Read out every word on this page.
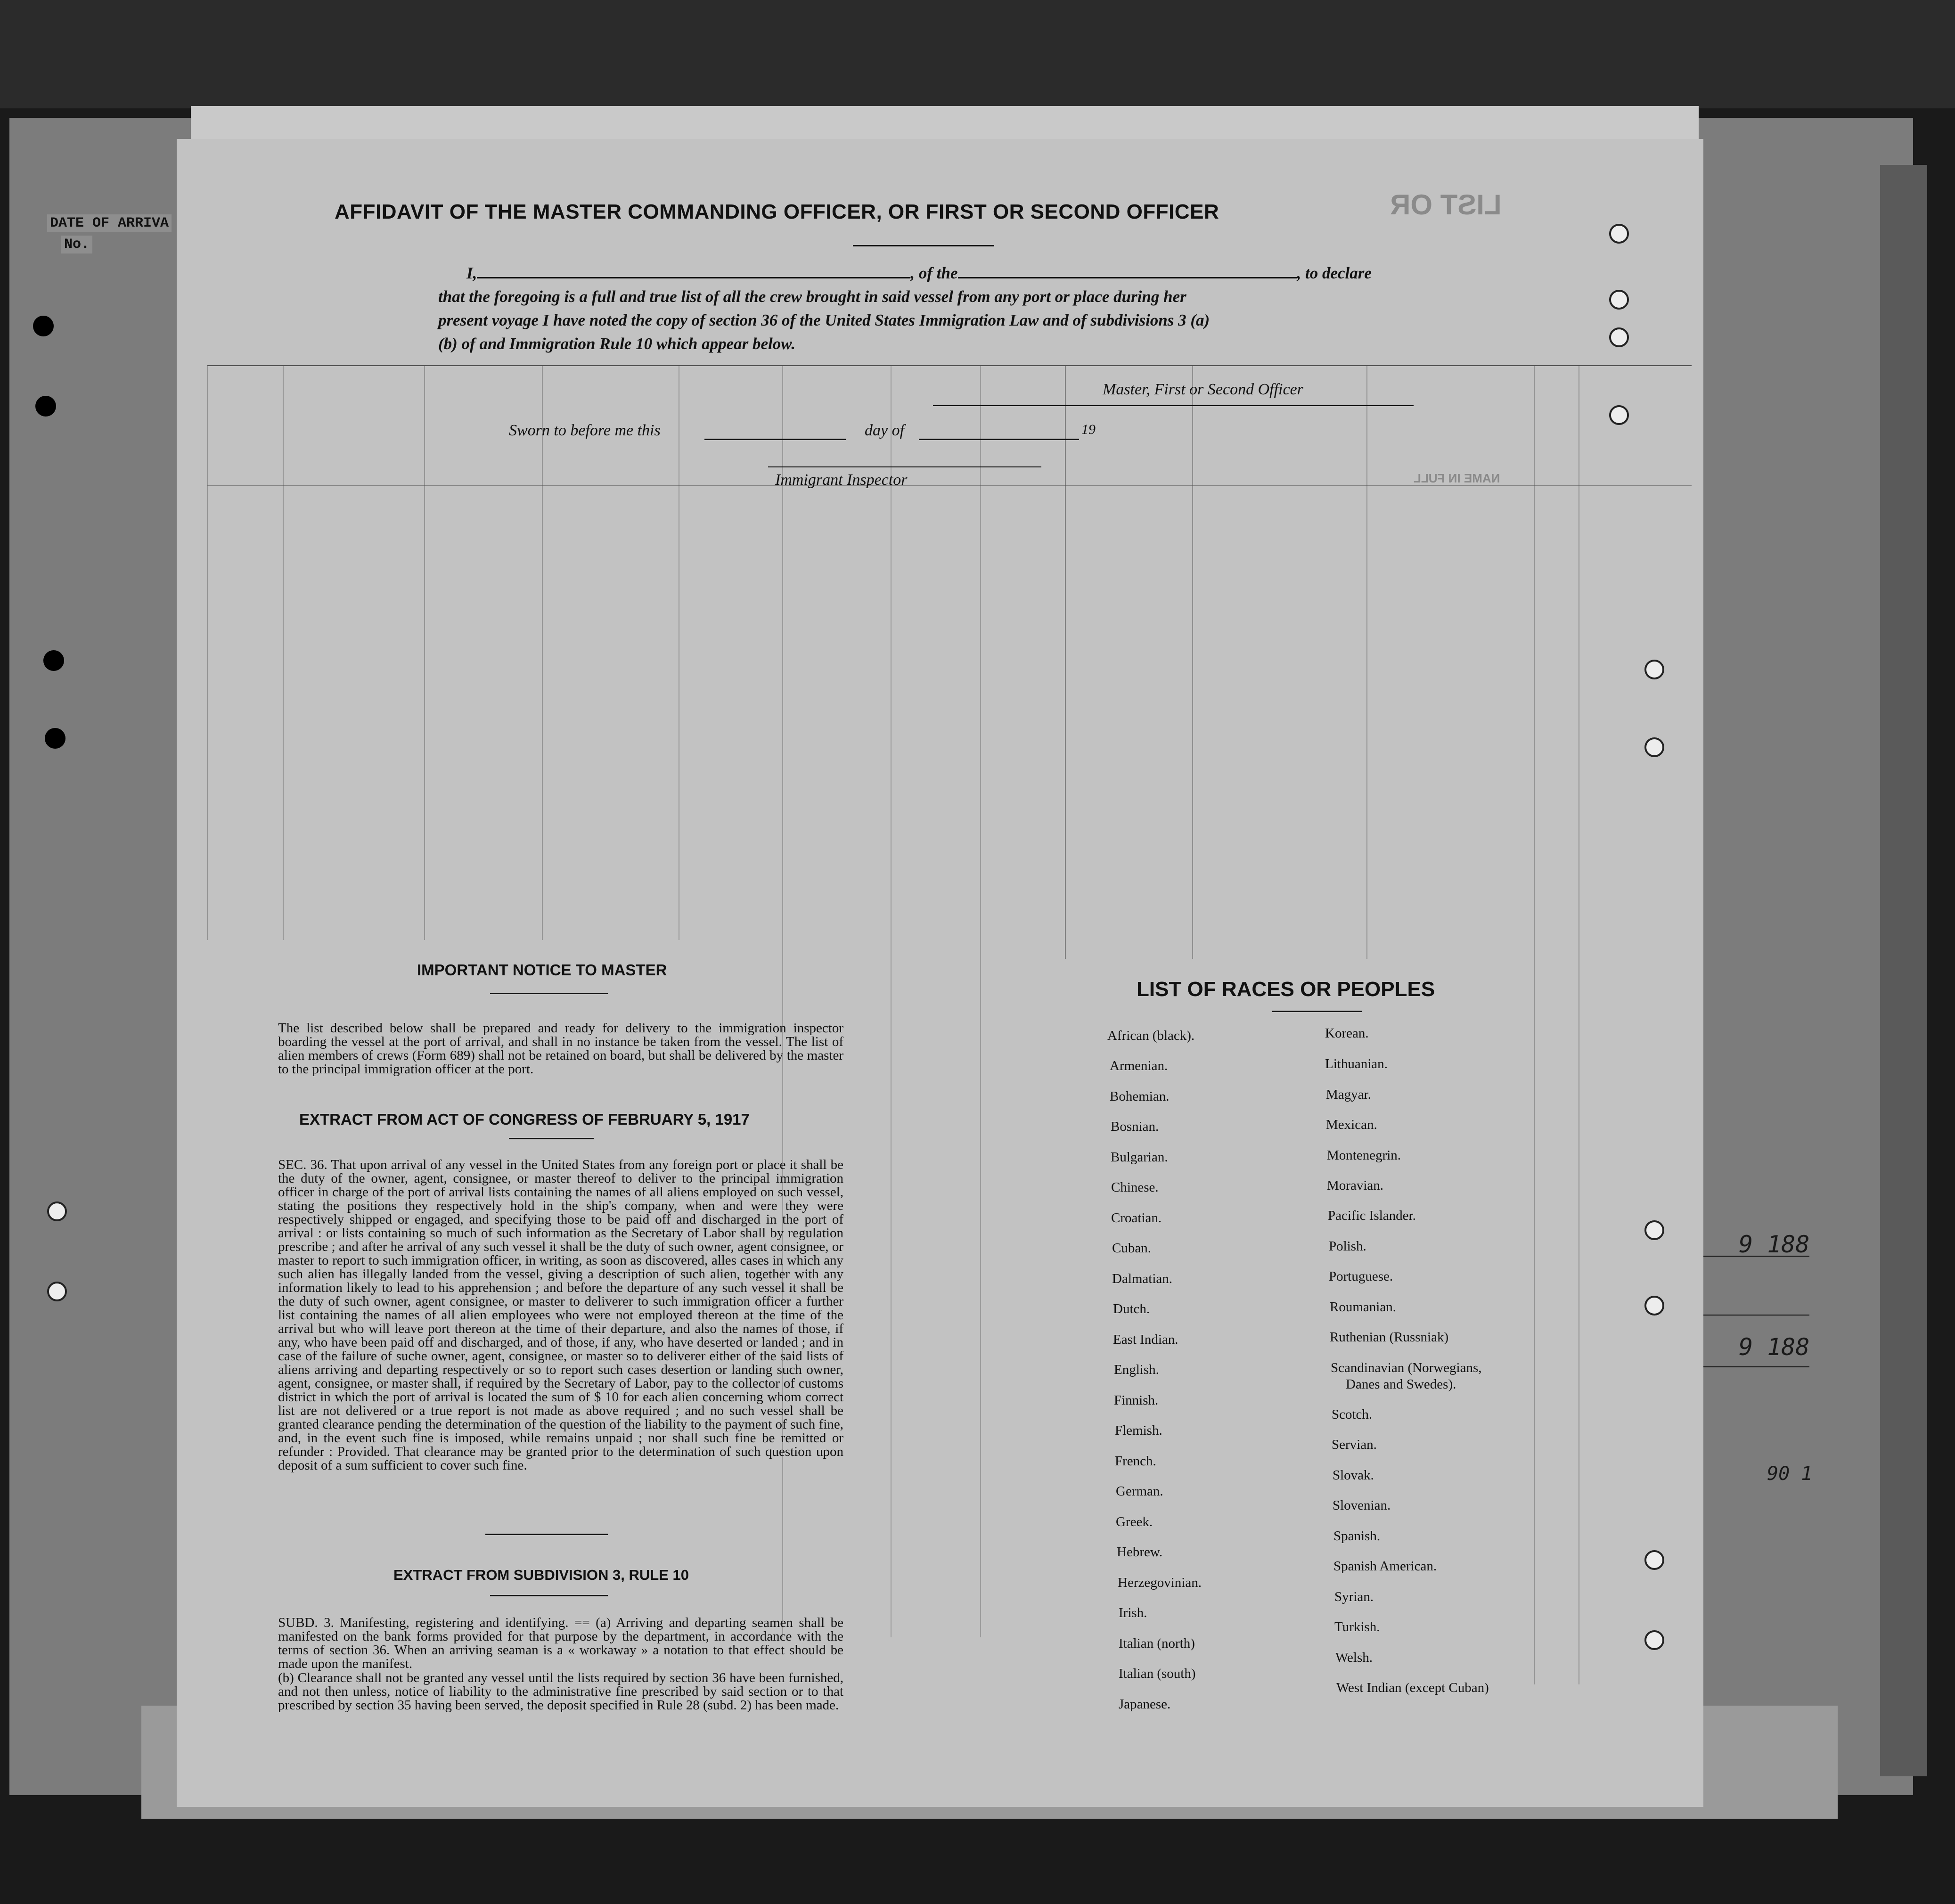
DATE OF ARRIVA
No.
LIST OR
NAME IN FULL
AFFIDAVIT OF THE MASTER COMMANDING OFFICER, OR FIRST OR SECOND OFFICER
I,	, of the	, to declare
that the foregoing is a full and true list of all the crew brought in said vessel from any port or place during her
present voyage I have noted the copy of section 36 of the United States Immigration Law and of subdivisions 3 (a)
(b) of and Immigration Rule 10 which appear below.
Master, First or Second Officer
Sworn to before me this	day of	19
Immigrant Inspector
IMPORTANT NOTICE TO MASTER
The list described below shall be prepared and ready for delivery to the immigration inspector boarding the vessel at the port of arrival, and shall in no instance be taken from the vessel. The list of alien members of crews (Form 689) shall not be retained on board, but shall be delivered by the master to the principal immigration officer at the port.
EXTRACT FROM ACT OF CONGRESS OF FEBRUARY 5, 1917
SEC. 36. That upon arrival of any vessel in the United States from any foreign port or place it shall be the duty of the owner, agent, consignee, or master thereof to deliver to the principal immigration officer in charge of the port of arrival lists containing the names of all aliens employed on such vessel, stating the positions they respectively hold in the ship's company, when and were they were respectively shipped or engaged, and specifying those to be paid off and discharged in the port of arrival : or lists containing so much of such information as the Secretary of Labor shall by regulation prescribe ; and after he arrival of any such vessel it shall be the duty of such owner, agent consignee, or master to report to such immigration officer, in writing, as soon as discovered, alles cases in which any such alien has illegally landed from the vessel, giving a description of such alien, together with any information likely to lead to his apprehension ; and before the departure of any such vessel it shall be the duty of such owner, agent consignee, or master to deliverer to such immigration officer a further list containing the names of all alien employees who were not employed thereon at the time of the arrival but who will leave port thereon at the time of their departure, and also the names of those, if any, who have been paid off and discharged, and of those, if any, who have deserted or landed ; and in case of the failure of suche owner, agent, consignee, or master so to deliverer either of the said lists of aliens arriving and departing respectively or so to report such cases desertion or landing such owner, agent, consignee, or master shall, if required by the Secretary of Labor, pay to the collector of customs district in which the port of arrival is located the sum of $ 10 for each alien concerning whom correct list are not delivered or a true report is not made as above required ; and no such vessel shall be granted clearance pending the determination of the question of the liability to the payment of such fine, and, in the event such fine is imposed, while remains unpaid ; nor shall such fine be remitted or refunder : Provided. That clearance may be granted prior to the determination of such question upon deposit of a sum sufficient to cover such fine.
EXTRACT FROM SUBDIVISION 3, RULE 10
SUBD. 3. Manifesting, registering and identifying. == (a) Arriving and departing seamen shall be manifested on the bank forms provided for that purpose by the department, in accordance with the terms of section 36. When an arriving seaman is a « workaway » a notation to that effect should be made upon the manifest.
(b) Clearance shall not be granted any vessel until the lists required by section 36 have been furnished, and not then unless, notice of liability to the administrative fine prescribed by said section or to that prescribed by section 35 having been served, the deposit specified in Rule 28 (subd. 2) has been made.
LIST OF RACES OR PEOPLES
African (black).
Armenian.
Bohemian.
Bosnian.
Bulgarian.
Chinese.
Croatian.
Cuban.
Dalmatian.
Dutch.
East Indian.
English.
Finnish.
Flemish.
French.
German.
Greek.
Hebrew.
Herzegovinian.
Irish.
Italian (north)
Italian (south)
Japanese.
Korean.
Lithuanian.
Magyar.
Mexican.
Montenegrin.
Moravian.
Pacific Islander.
Polish.
Portuguese.
Roumanian.
Ruthenian (Russniak)
Scandinavian (Norwegians,
Danes and Swedes).
Scotch.
Servian.
Slovak.
Slovenian.
Spanish.
Spanish American.
Syrian.
Turkish.
Welsh.
West Indian (except Cuban)
9 188
9 188
90 1
